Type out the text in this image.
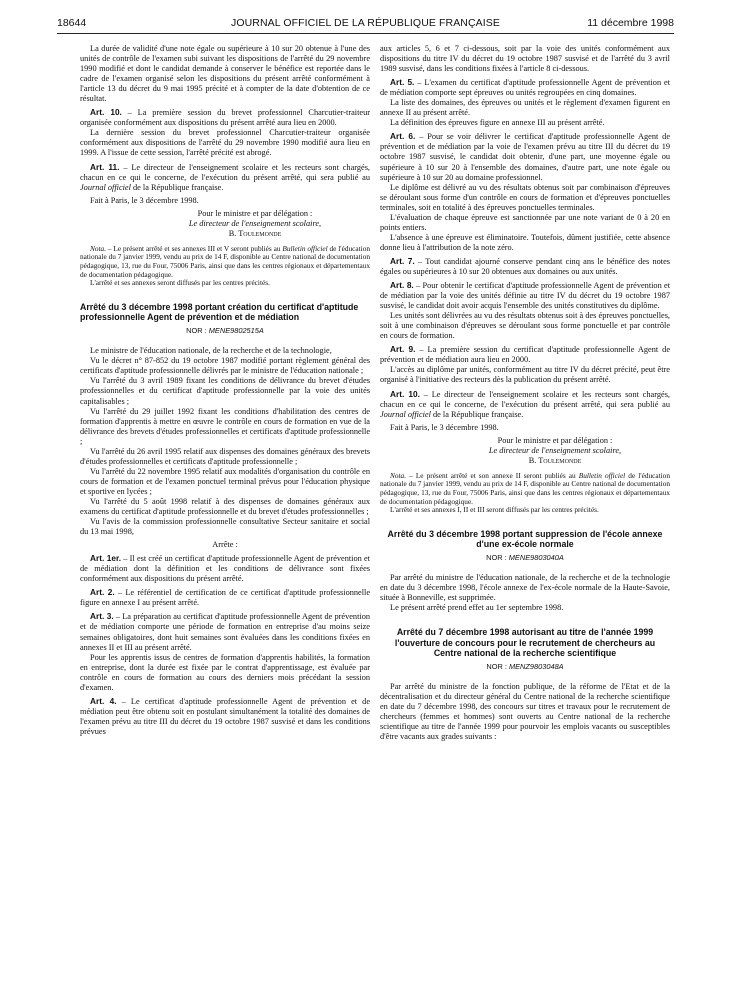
18644	JOURNAL OFFICIEL DE LA RÉPUBLIQUE FRANÇAISE	11 décembre 1998

La durée de validité d'une note égale ou supérieure à 10 sur 20 obtenue à l'une des unités de contrôle de l'examen subi suivant les dispositions de l'arrêté du 29 novembre 1990 modifié et dont le candidat demande à conserver le bénéfice est reportée dans le cadre de l'examen organisé selon les dispositions du présent arrêté conformément à l'article 13 du décret du 9 mai 1995 précité et à compter de la date d'obtention de ce résultat.

Art. 10. – La première session du brevet professionnel Charcutier-traiteur organisée conformément aux dispositions du présent arrêté aura lieu en 2000.

La dernière session du brevet professionnel Charcutier-traiteur organisée conformément aux dispositions de l'arrêté du 29 novembre 1990 modifié aura lieu en 1999. A l'issue de cette session, l'arrêté précité est abrogé.

Art. 11. – Le directeur de l'enseignement scolaire et les recteurs sont chargés, chacun en ce qui le concerne, de l'exécution du présent arrêté, qui sera publié au Journal officiel de la République française.

Fait à Paris, le 3 décembre 1998.

Pour le ministre et par délégation :

Le directeur de l'enseignement scolaire,

B. Toulemonde

Nota. – Le présent arrêté et ses annexes III et V seront publiés au Bulletin officiel de l'éducation nationale du 7 janvier 1999, vendu au prix de 14 F, disponible au Centre national de documentation pédagogique, 13, rue du Four, 75006 Paris, ainsi que dans les centres régionaux et départementaux de documentation pédagogique.

L'arrêté et ses annexes seront diffusés par les centres précités.

Arrêté du 3 décembre 1998 portant création du certificat d'aptitude professionnelle Agent de prévention et de médiation

NOR : MENE9802515A

Le ministre de l'éducation nationale, de la recherche et de la technologie,

Vu le décret n° 87-852 du 19 octobre 1987 modifié portant règlement général des certificats d'aptitude professionnelle délivrés par le ministre de l'éducation nationale ;

Vu l'arrêté du 3 avril 1989 fixant les conditions de délivrance du brevet d'études professionnelles et du certificat d'aptitude professionnelle par la voie des unités capitalisables ;

Vu l'arrêté du 29 juillet 1992 fixant les conditions d'habilitation des centres de formation d'apprentis à mettre en œuvre le contrôle en cours de formation en vue de la délivrance des brevets d'études professionnelles et certificats d'aptitude professionnelle ;

Vu l'arrêté du 26 avril 1995 relatif aux dispenses des domaines généraux des brevets d'études professionnelles et certificats d'aptitude professionnelle ;

Vu l'arrêté du 22 novembre 1995 relatif aux modalités d'organisation du contrôle en cours de formation et de l'examen ponctuel terminal prévus pour l'éducation physique et sportive en lycées ;

Vu l'arrêté du 5 août 1998 relatif à des dispenses de domaines généraux aux examens du certificat d'aptitude professionnelle et du brevet d'études professionnelles ;

Vu l'avis de la commission professionnelle consultative Secteur sanitaire et social du 13 mai 1998,

Arrête :

Art. 1er. – Il est créé un certificat d'aptitude professionnelle Agent de prévention et de médiation dont la définition et les conditions de délivrance sont fixées conformément aux dispositions du présent arrêté.

Art. 2. – Le référentiel de certification de ce certificat d'aptitude professionnelle figure en annexe I au présent arrêté.

Art. 3. – La préparation au certificat d'aptitude professionnelle Agent de prévention et de médiation comporte une période de formation en entreprise d'au moins seize semaines obligatoires, dont huit semaines sont évaluées dans les conditions fixées en annexes II et III au présent arrêté.

Pour les apprentis issus de centres de formation d'apprentis habilités, la formation en entreprise, dont la durée est fixée par le contrat d'apprentissage, est évaluée par contrôle en cours de formation au cours des derniers mois précédant la session d'examen.

Art. 4. – Le certificat d'aptitude professionnelle Agent de prévention et de médiation peut être obtenu soit en postulant simultanément la totalité des domaines de l'examen prévu au titre III du décret du 19 octobre 1987 susvisé et dans les conditions prévues

aux articles 5, 6 et 7 ci-dessous, soit par la voie des unités conformément aux dispositions du titre IV du décret du 19 octobre 1987 susvisé et de l'arrêté du 3 avril 1989 susvisé, dans les conditions fixées à l'article 8 ci-dessous.

Art. 5. – L'examen du certificat d'aptitude professionnelle Agent de prévention et de médiation comporte sept épreuves ou unités regroupées en cinq domaines.

La liste des domaines, des épreuves ou unités et le règlement d'examen figurent en annexe II au présent arrêté.

La définition des épreuves figure en annexe III au présent arrêté.

Art. 6. – Pour se voir délivrer le certificat d'aptitude professionnelle Agent de prévention et de médiation par la voie de l'examen prévu au titre III du décret du 19 octobre 1987 susvisé, le candidat doit obtenir, d'une part, une moyenne égale ou supérieure à 10 sur 20 à l'ensemble des domaines, d'autre part, une note égale ou supérieure à 10 sur 20 au domaine professionnel.

Le diplôme est délivré au vu des résultats obtenus soit par combinaison d'épreuves se déroulant sous forme d'un contrôle en cours de formation et d'épreuves ponctuelles terminales, soit en totalité à des épreuves ponctuelles terminales.

L'évaluation de chaque épreuve est sanctionnée par une note variant de 0 à 20 en points entiers.

L'absence à une épreuve est éliminatoire. Toutefois, dûment justifiée, cette absence donne lieu à l'attribution de la note zéro.

Art. 7. – Tout candidat ajourné conserve pendant cinq ans le bénéfice des notes égales ou supérieures à 10 sur 20 obtenues aux domaines ou aux unités.

Art. 8. – Pour obtenir le certificat d'aptitude professionnelle Agent de prévention et de médiation par la voie des unités définie au titre IV du décret du 19 octobre 1987 susvisé, le candidat doit avoir acquis l'ensemble des unités constitutives du diplôme.

Les unités sont délivrées au vu des résultats obtenus soit à des épreuves ponctuelles, soit à une combinaison d'épreuves se déroulant sous forme ponctuelle et par contrôle en cours de formation.

Art. 9. – La première session du certificat d'aptitude professionnelle Agent de prévention et de médiation aura lieu en 2000.

L'accès au diplôme par unités, conformément au titre IV du décret précité, peut être organisé à l'initiative des recteurs dès la publication du présent arrêté.

Art. 10. – Le directeur de l'enseignement scolaire et les recteurs sont chargés, chacun en ce qui le concerne, de l'exécution du présent arrêté, qui sera publié au Journal officiel de la République française.

Fait à Paris, le 3 décembre 1998.

Pour le ministre et par délégation :

Le directeur de l'enseignement scolaire,

B. Toulemonde

Nota. – Le présent arrêté et son annexe II seront publiés au Bulletin officiel de l'éducation nationale du 7 janvier 1999, vendu au prix de 14 F, disponible au Centre national de documentation pédagogique, 13, rue du Four, 75006 Paris, ainsi que dans les centres régionaux et départementaux de documentation pédagogique.

L'arrêté et ses annexes I, II et III seront diffusés par les centres précités.

Arrêté du 3 décembre 1998 portant suppression de l'école annexe d'une ex-école normale

NOR : MENE9803040A

Par arrêté du ministre de l'éducation nationale, de la recherche et de la technologie en date du 3 décembre 1998, l'école annexe de l'ex-école normale de la Haute-Savoie, située à Bonneville, est supprimée.

Le présent arrêté prend effet au 1er septembre 1998.

Arrêté du 7 décembre 1998 autorisant au titre de l'année 1999 l'ouverture de concours pour le recrutement de chercheurs au Centre national de la recherche scientifique

NOR : MENZ9803048A

Par arrêté du ministre de la fonction publique, de la réforme de l'Etat et de la décentralisation et du directeur général du Centre national de la recherche scientifique en date du 7 décembre 1998, des concours sur titres et travaux pour le recrutement de chercheurs (femmes et hommes) sont ouverts au Centre national de la recherche scientifique au titre de l'année 1999 pour pourvoir les emplois vacants ou susceptibles d'être vacants aux grades suivants :
